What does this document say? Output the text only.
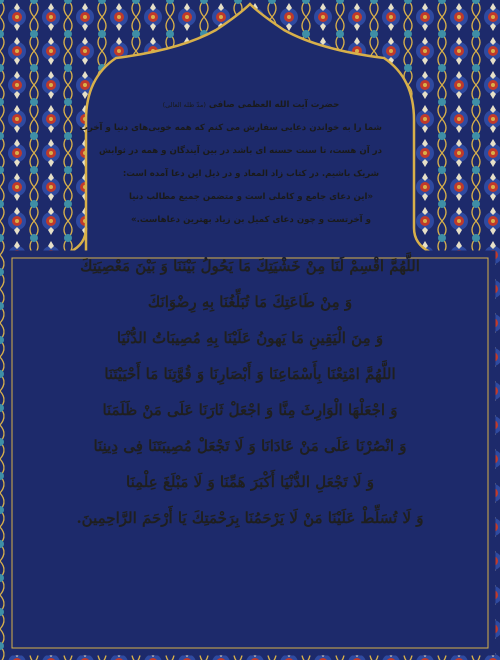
حضرت آیت الله العظمی صافی (مدّ ظله العالی)
شما را به خواندن دعایی سفارش می کنم که همه خوبی‌های دنیا و آخرت
در آن هست، تا سنت حسنه ای باشد در بین آیندگان و همه در ثوابش
شریک باشیم. در کتاب زاد المعاد و در ذیل این دعا آمده است:
«این دعای جامع و کاملی است و متضمن جمیع مطالب دنیا
و آخرتست و چون دعای کمیل بن زیاد بهترین دعاهاست.»
اللَّهُمَّ اقْسِمْ لَنَا مِنْ خَشْيَتِكَ مَا يَحُولُ بَيْنَنَا وَ بَيْنَ مَعْصِيَتِكَ
وَ مِنْ طَاعَتِكَ مَا تُبَلِّغُنَا بِهِ رِضْوَانَكَ
وَ مِنَ الْيَقِينِ مَا يَهونُ عَلَيْنَا بِهِ مُصِيبَاتُ الدُّنْيَا
اللَّهُمَّ امْتِعْنَا بِأَسْمَاعِنَا وَ أَبْصَارِنَا وَ قُوَّتِنَا مَا أَحْيَيْتَنَا
وَ اجْعَلْهَا الْوَارِثَ مِنَّا وَ اجْعَلْ ثَارَنَا عَلَى مَنْ ظَلَمَنَا
وَ انْصُرْنَا عَلَى مَنْ عَادَانَا وَ لَا تَجْعَلْ مُصِيبَتَنَا فِی دِينِنَا
وَ لَا تَجْعَلِ الدُّنْيَا أَكْبَرَ هَمِّنَا وَ لَا مَبْلَغَ عِلْمِنَا
وَ لَا تُسَلِّطْ عَلَيْنَا مَنْ لَا يَرْحَمُنَا بِرَحْمَتِكَ يَا أَرْحَمَ الرَّاحِمِينَ.
